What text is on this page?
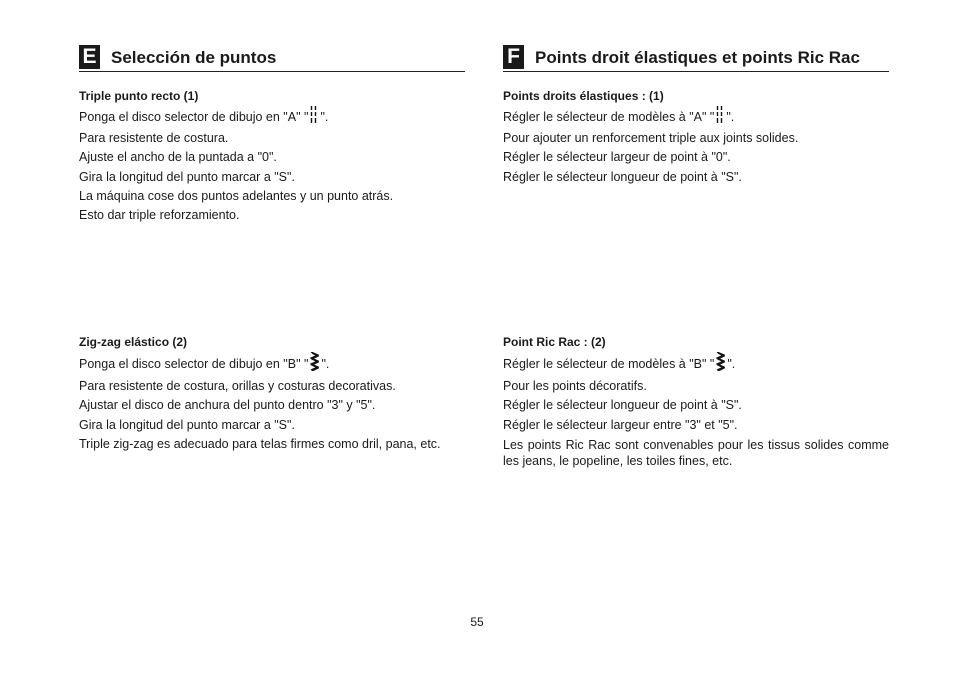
E Selección de puntos
Triple punto recto (1)
Ponga el disco selector de dibujo en "A" " ".
Para resistente de costura.
Ajuste el ancho de la puntada a "0".
Gira la longitud del punto marcar a "S".
La máquina cose dos puntos adelantes y un punto atrás.
Esto dar triple reforzamiento.
Zig-zag elástico (2)
Ponga el disco selector de dibujo en "B" " ".
Para resistente de costura, orillas y costuras decorativas.
Ajustar el disco de anchura del punto dentro "3" y "5".
Gira la longitud del punto marcar a "S".
Triple zig-zag es adecuado para telas firmes como dril, pana, etc.
F Points droit élastiques et points Ric Rac
Points droits élastiques : (1)
Régler le sélecteur de modèles à "A" " ".
Pour ajouter un renforcement triple aux joints solides.
Régler le sélecteur largeur de point à "0".
Régler le sélecteur longueur de point à "S".
Point Ric Rac : (2)
Régler le sélecteur de modèles à "B" " ".
Pour les points décoratifs.
Régler le sélecteur longueur de point à "S".
Régler le sélecteur largeur entre "3" et "5".
Les points Ric Rac sont convenables pour les tissus solides comme les jeans, le popeline, les toiles fines, etc.
55
